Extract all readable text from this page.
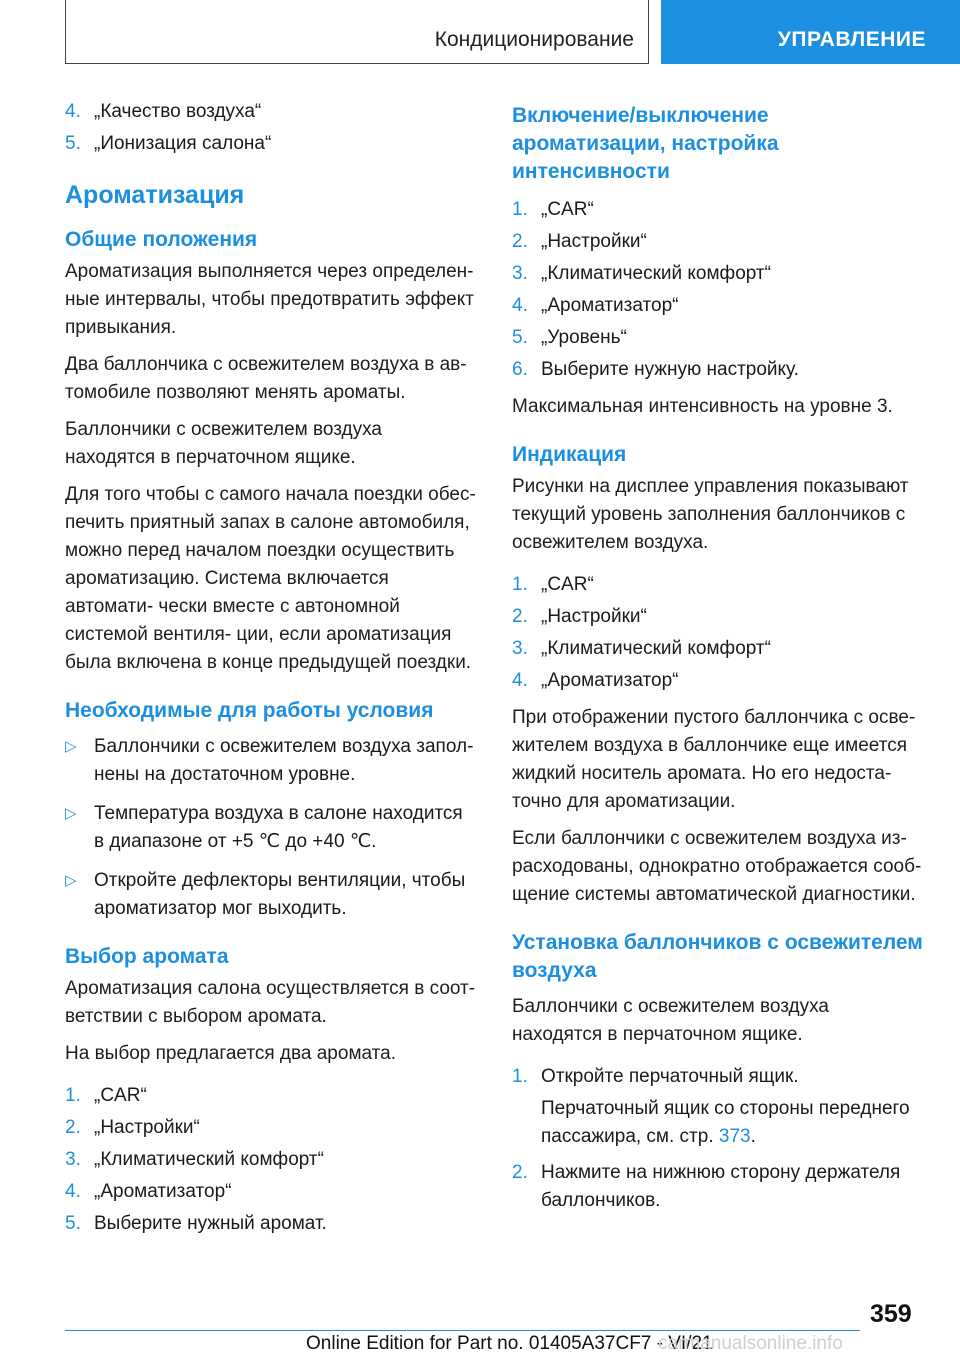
Кондиционирование	УПРАВЛЕНИЕ
4. „Качество воздуха“
5. „Ионизация салона“
Ароматизация
Общие положения

Ароматизация выполняется через определен‐ ные интервалы, чтобы предотвратить эффект привыкания.

Два баллончика с освежителем воздуха в ав‐ томобиле позволяют менять ароматы.

Баллончики с освежителем воздуха находятся в перчаточном ящике.

Для того чтобы с самого начала поездки обес‐ печить приятный запах в салоне автомобиля, можно перед началом поездки осуществить ароматизацию. Система включается автомати‐ чески вместе с автономной системой вентиля‐ ции, если ароматизация была включена в конце предыдущей поездки.

Необходимые для работы условия
▷ Баллончики с освежителем воздуха запол‐ нены на достаточном уровне.
▷ Температура воздуха в салоне находится в диапазоне от +5 ℃ до +40 ℃.
▷ Откройте дефлекторы вентиляции, чтобы ароматизатор мог выходить.
Выбор аромата

Ароматизация салона осуществляется в соот‐ ветствии с выбором аромата.

На выбор предлагается два аромата.

1. „CAR“
2. „Настройки“
3. „Климатический комфорт“
4. „Ароматизатор“
5. Выберите нужный аромат.
Включение/выключение ароматизации, настройка интенсивности
1. „CAR“
2. „Настройки“
3. „Климатический комфорт“
4. „Ароматизатор“
5. „Уровень“
6. Выберите нужную настройку.

Максимальная интенсивность на уровне 3.

Индикация

Рисунки на дисплее управления показывают текущий уровень заполнения баллончиков с освежителем воздуха.

1. „CAR“
2. „Настройки“
3. „Климатический комфорт“
4. „Ароматизатор“

При отображении пустого баллончика с осве‐ жителем воздуха в баллончике еще имеется жидкий носитель аромата. Но его недоста‐ точно для ароматизации.

Если баллончики с освежителем воздуха из‐ расходованы, однократно отображается сооб‐ щение системы автоматической диагностики.

Установка баллончиков с освежителем воздуха

Баллончики с освежителем воздуха находятся в перчаточном ящике.

1. Откройте перчаточный ящик.
Перчаточный ящик со стороны переднего пассажира, см. стр. 373.
2. Нажмите на нижнюю сторону держателя баллончиков.
359
Online Edition for Part no. 01405A37CF7 - VI/21
carmanualsonline.info
